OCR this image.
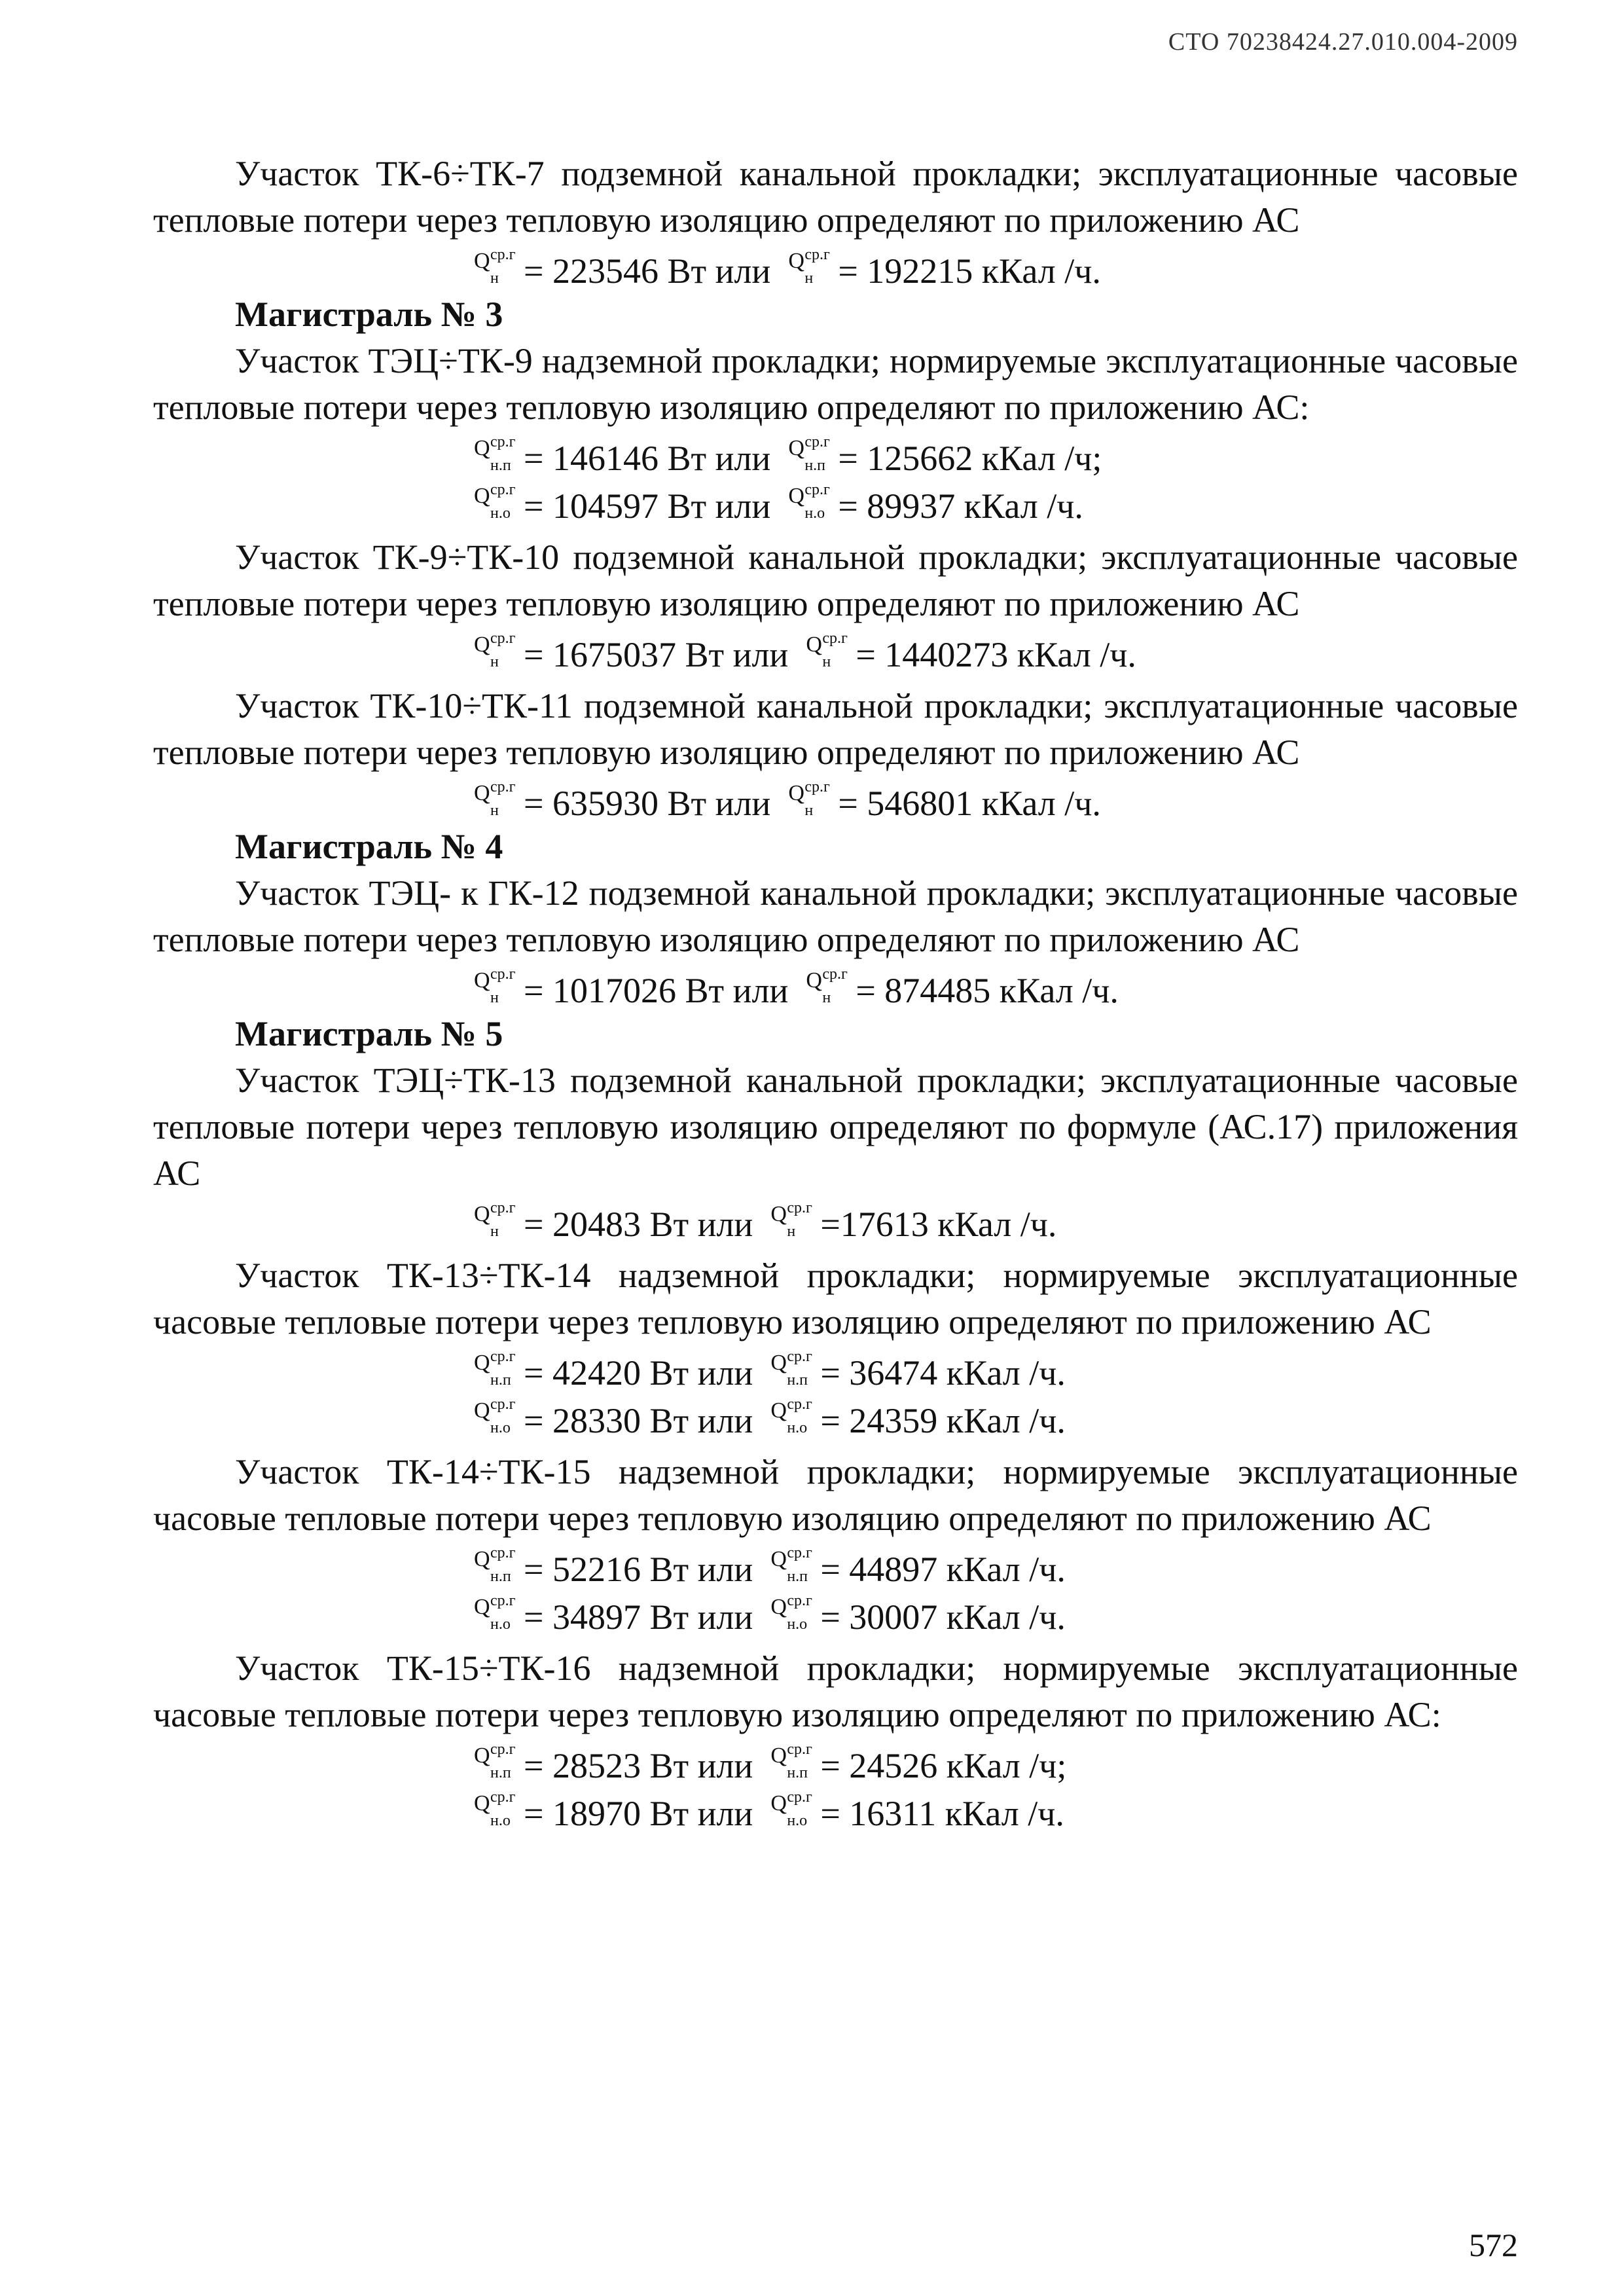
СТО 70238424.27.010.004-2009

Участок ТК-6÷ТК-7 подземной канальной прокладки; эксплуатационные часовые тепловые потери через тепловую изоляцию определяют по приложению АС

Q ср.г
н = 223546 Вт или Q ср.г
н = 192215 кКал /ч.

Магистраль № 3

Участок ТЭЦ÷ТК-9 надземной прокладки; нормируемые эксплуатационные часовые тепловые потери через тепловую изоляцию определяют по приложению АС:

Q ср.г
н.п = 146146 Вт или Q ср.г
н.п = 125662 кКал /ч;
Q ср.г
н.о = 104597 Вт или Q ср.г
н.о = 89937 кКал /ч.

Участок ТК-9÷ТК-10 подземной канальной прокладки; эксплуатационные часовые тепловые потери через тепловую изоляцию определяют по приложению АС

Q ср.г
н = 1675037 Вт или Q ср.г
н = 1440273 кКал /ч.

Участок ТК-10÷ТК-11 подземной канальной прокладки; эксплуатационные часовые тепловые потери через тепловую изоляцию определяют по приложению АС

Q ср.г
н = 635930 Вт или Q ср.г
н = 546801 кКал /ч.

Магистраль № 4

Участок ТЭЦ- к ГК-12 подземной канальной прокладки; эксплуатационные часовые тепловые потери через тепловую изоляцию определяют по приложению АС

Q ср.г
н = 1017026 Вт или Q ср.г
н = 874485 кКал /ч.

Магистраль № 5

Участок ТЭЦ÷ТК-13 подземной канальной прокладки; эксплуатационные часовые тепловые потери через тепловую изоляцию определяют по формуле (АС.17) приложения АС

Q ср.г
н = 20483 Вт или Q ср.г
н =17613 кКал /ч.

Участок ТК-13÷ТК-14 надземной прокладки; нормируемые эксплуатационные часовые тепловые потери через тепловую изоляцию определяют по приложению АС

Q ср.г
н.п = 42420 Вт или Q ср.г
н.п = 36474 кКал /ч.
Q ср.г
н.о = 28330 Вт или Q ср.г
н.о = 24359 кКал /ч.

Участок ТК-14÷ТК-15 надземной прокладки; нормируемые эксплуатационные часовые тепловые потери через тепловую изоляцию определяют по приложению АС

Q ср.г
н.п = 52216 Вт или Q ср.г
н.п = 44897 кКал /ч.
Q ср.г
н.о = 34897 Вт или Q ср.г
н.о = 30007 кКал /ч.

Участок ТК-15÷ТК-16 надземной прокладки; нормируемые эксплуатационные часовые тепловые потери через тепловую изоляцию определяют по приложению АС:

Q ср.г
н.п = 28523 Вт или Q ср.г
н.п = 24526 кКал /ч;
Q ср.г
н.о = 18970 Вт или Q ср.г
н.о = 16311 кКал /ч.
572
